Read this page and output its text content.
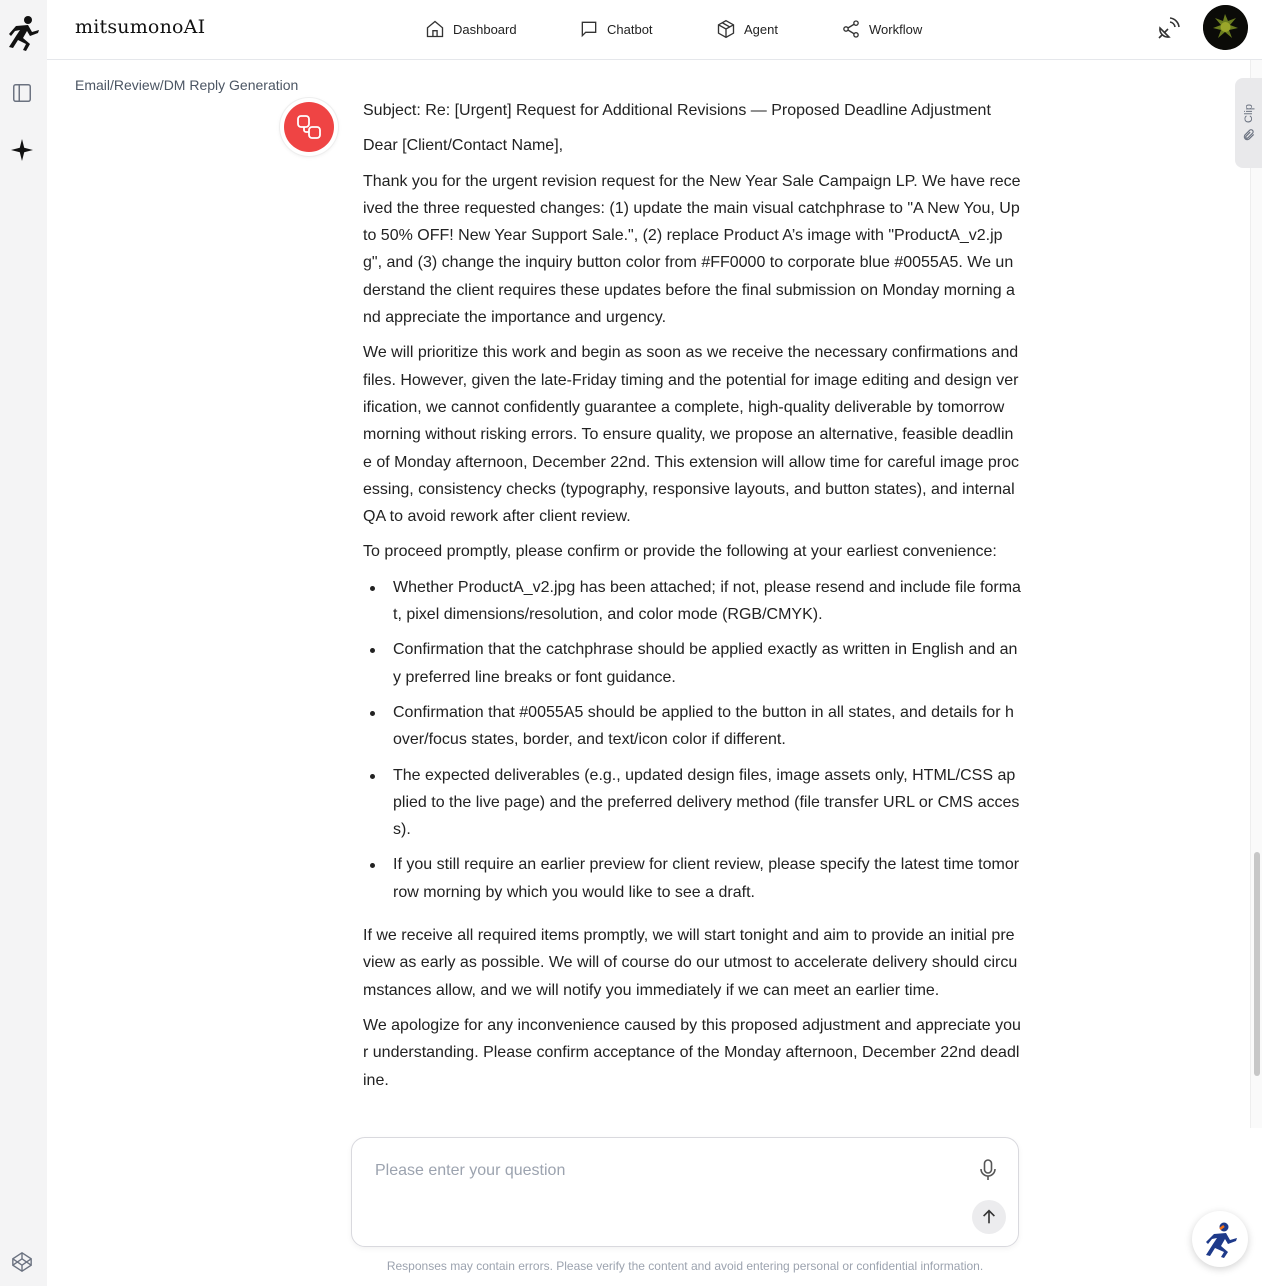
mitsumonoAI	Dashboard	Chatbot	Agent	Workflow
Email/Review/DM Reply Generation

Subject: Re: [Urgent] Request for Additional Revisions — Proposed Deadline Adjustment

Dear [Client/Contact Name],

Thank you for the urgent revision request for the New Year Sale Campaign LP. We have received the three requested changes: (1) update the main visual catchphrase to "A New You, Up to 50% OFF! New Year Support Sale.", (2) replace Product A’s image with "ProductA_v2.jpg", and (3) change the inquiry button color from #FF0000 to corporate blue #0055A5. We understand the client requires these updates before the final submission on Monday morning and appreciate the importance and urgency.

We will prioritize this work and begin as soon as we receive the necessary confirmations and files. However, given the late-Friday timing and the potential for image editing and design verification, we cannot confidently guarantee a complete, high-quality deliverable by tomorrow morning without risking errors. To ensure quality, we propose an alternative, feasible deadline of Monday afternoon, December 22nd. This extension will allow time for careful image processing, consistency checks (typography, responsive layouts, and button states), and internal QA to avoid rework after client review.

To proceed promptly, please confirm or provide the following at your earliest convenience:

Whether ProductA_v2.jpg has been attached; if not, please resend and include file format, pixel dimensions/resolution, and color mode (RGB/CMYK).
Confirmation that the catchphrase should be applied exactly as written in English and any preferred line breaks or font guidance.
Confirmation that #0055A5 should be applied to the button in all states, and details for hover/focus states, border, and text/icon color if different.
The expected deliverables (e.g., updated design files, image assets only, HTML/CSS applied to the live page) and the preferred delivery method (file transfer URL or CMS access).
If you still require an earlier preview for client review, please specify the latest time tomorrow morning by which you would like to see a draft.

If we receive all required items promptly, we will start tonight and aim to provide an initial preview as early as possible. We will of course do our utmost to accelerate delivery should circumstances allow, and we will notify you immediately if we can meet an earlier time.

We apologize for any inconvenience caused by this proposed adjustment and appreciate your understanding. Please confirm acceptance of the Monday afternoon, December 22nd deadline.

Clip
Please enter your question
Responses may contain errors. Please verify the content and avoid entering personal or confidential information.
